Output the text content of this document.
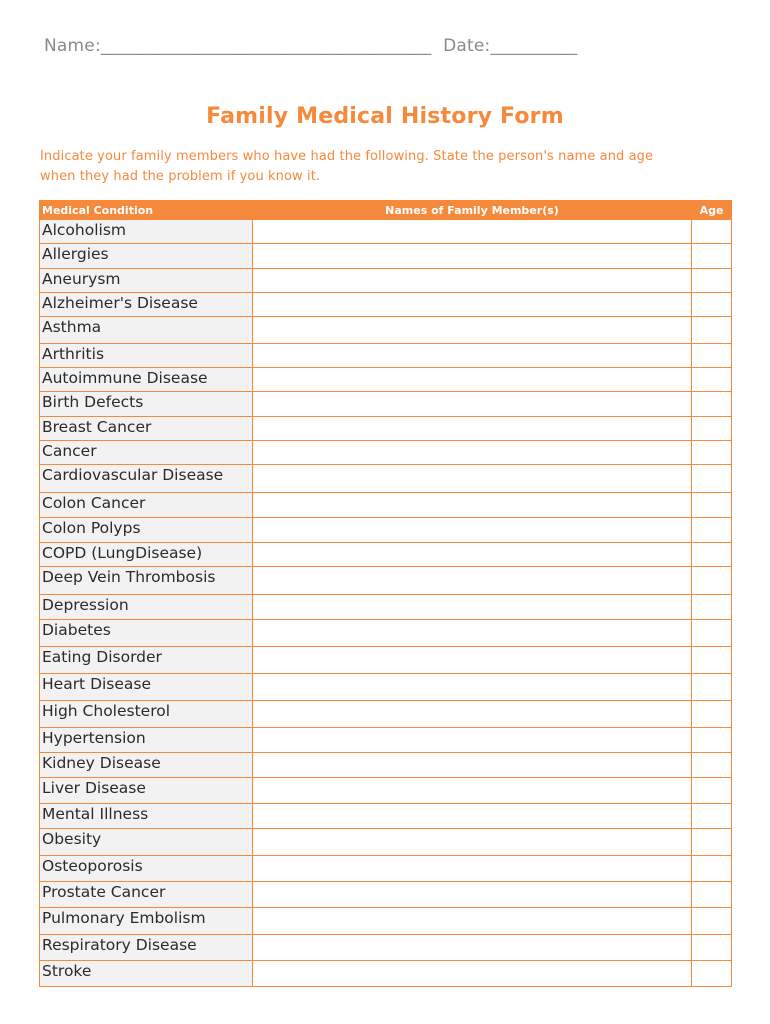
Name:______________________________________ Date:__________
Family Medical History Form

Indicate your family members who have had the following. State the person's name and age

when they had the problem if you know it.

Medical Condition	Names of Family Member(s)	Age
Alcoholism		
Allergies		
Aneurysm		
Alzheimer's Disease		
Asthma		
Arthritis		
Autoimmune Disease		
Birth Defects		
Breast Cancer		
Cancer		
Cardiovascular Disease		
Colon Cancer		
Colon Polyps		
COPD (LungDisease)		
Deep Vein Thrombosis		
Depression		
Diabetes		
Eating Disorder		
Heart Disease		
High Cholesterol		
Hypertension		
Kidney Disease		
Liver Disease		
Mental Illness		
Obesity		
Osteoporosis		
Prostate Cancer		
Pulmonary Embolism		
Respiratory Disease		
Stroke		
